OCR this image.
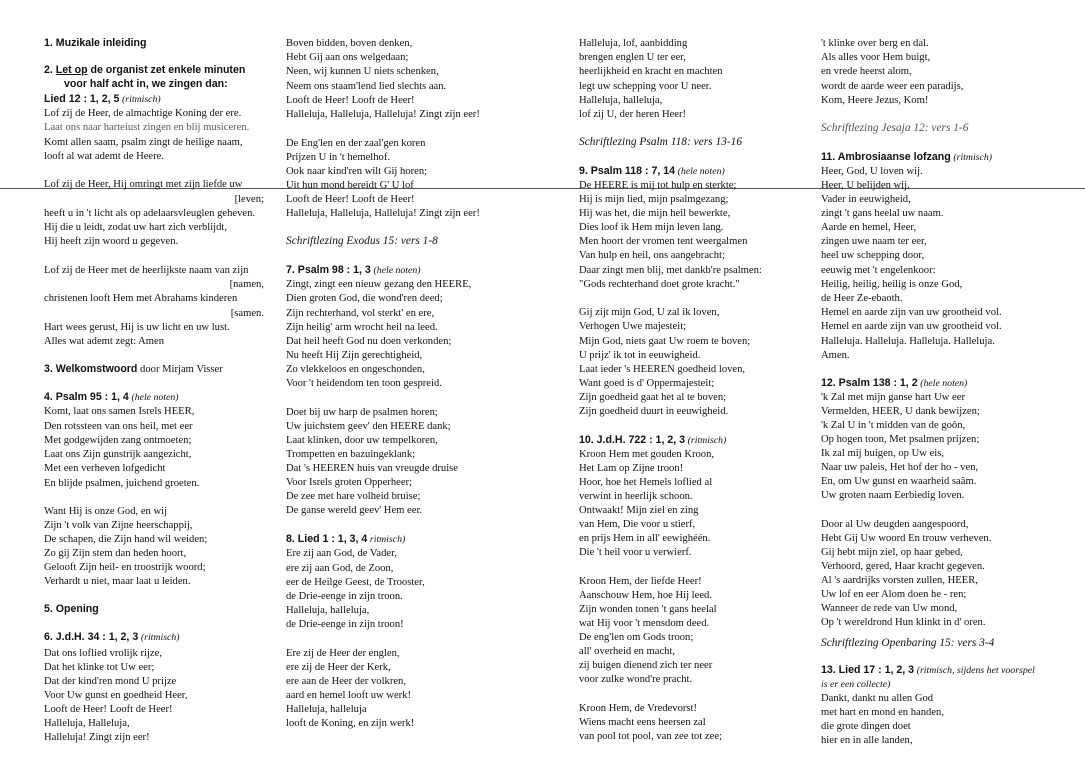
1. Muzikale inleiding
2. Let op de organist zet enkele minuten
voor half acht in, we zingen dan:
Lied 12 : 1, 2, 5 (ritmisch)
Lof zij de Heer, de almachtige Koning der ere.
Laat ons naar harteiust zingen en blij musiceren.
Komt allen saam, psalm zingt de heilige naam,
looft al wat ademt de Heere.
Lof zij de Heer, Hij omringt met zijn liefde uw
[leven;
heeft u in 't licht als op adelaarsvleuglen geheven.
Hij die u leidt, zodat uw hart zich verblijdt,
Hij heeft zijn woord u gegeven.
Lof zij de Heer met de heerlijkste naam van zijn
[namen,
christenen looft Hem met Abrahams kinderen
[samen.
Hart wees gerust, Hij is uw licht en uw lust.
Alles wat ademt zegt: Amen
3. Welkomstwoord door Mirjam Visser
4. Psalm 95 : 1, 4 (hele noten)
Komt, laat ons samen Isrels HEER,
Den rotssteen van ons heil, met eer
Met godgewijden zang ontmoeten;
Laat ons Zijn gunstrijk aangezicht,
Met een verheven lofgedicht
En blijde psalmen, juichend groeten.
Want Hij is onze God, en wij
Zijn 't volk van Zijne heerschappij,
De schapen, die Zijn hand wil weiden;
Zo gij Zijn stem dan heden hoort,
Gelooft Zijn heil- en troostrijk woord;
Verhardt u niet, maar laat u leiden.
5. Opening
6. J.d.H. 34 : 1, 2, 3 (ritmisch)
Dat ons loflied vrolijk rijze,
Dat het klinke tot Uw eer;
Dat der kind'ren mond U prijze
Voor Uw gunst en goedheid Heer,
Looft de Heer! Looft de Heer!
Halleluja, Halleluja,
Halleluja! Zingt zijn eer!
Boven bidden, boven denken,
Hebt Gij aan ons welgedaan;
Neen, wij kunnen U niets schenken,
Neem ons staam'lend lied slechts aan.
Looft de Heer! Looft de Heer!
Halleluja, Halleluja, Halleluja! Zingt zijn eer!
De Eng'len en der zaal'gen koren
Prijzen U in 't hemelhof.
Ook naar kind'ren wilt Gij horen;
Uit hun mond bereidt G' U lof
Looft de Heer! Looft de Heer!
Halleluja, Halleluja, Halleluja! Zingt zijn eer!
Schriftlezing Exodus 15: vers 1-8
7. Psalm 98 : 1, 3 (hele noten)
Zingt, zingt een nieuw gezang den HEERE,
Dien groten God, die wond'ren deed;
Zijn rechterhand, vol sterkt' en ere,
Zijn heilig' arm wrocht heil na leed.
Dat heil heeft God nu doen verkonden;
Nu heeft Hij Zijn gerechtigheid,
Zo vlekkeloos en ongeschonden,
Voor 't heidendom ten toon gespreid.
Doet bij uw harp de psalmen horen;
Uw juichstem geev' den HEERE dank;
Laat klinken, door uw tempelkoren,
Trompetten en bazuingeklank;
Dat 's HEEREN huis van vreugde druise
Voor Isrels groten Opperheer;
De zee met hare volheid bruise;
De ganse wereld geev' Hem eer.
8. Lied 1 : 1, 3, 4 ritmisch)
Ere zij aan God, de Vader,
ere zij aan God, de Zoon,
eer de Heilge Geest, de Trooster,
de Drie-eenge in zijn troon.
Halleluja, halleluja,
de Drie-eenge in zijn troon!
Ere zij de Heer der englen,
ere zij de Heer der Kerk,
ere aan de Heer der volkren,
aard en hemel looft uw werk!
Halleluja, halleluja
looft de Koning, en zijn werk!
Halleluja, lof, aanbidding
brengen englen U ter eer,
heerlijkheid en kracht en machten
legt uw schepping voor U neer.
Halleluja, halleluja,
lof zij U, der heren Heer!
Schriftlezing Psalm 118: vers 13-16
9. Psalm 118 : 7, 14 (hele noten)
De HEERE is mij tot hulp en sterkte;
Hij is mijn lied, mijn psalmgezang;
Hij was het, die mijn heil bewerkte,
Dies loof ik Hem mijn leven lang.
Men hoort der vromen tent weergalmen
Van hulp en heil, ons aangebracht;
Daar zingt men blij, met dankb're psalmen:
"Gods rechterhand doet grote kracht."
Gij zijt mijn God, U zal ik loven,
Verhogen Uwe majesteit;
Mijn God, niets gaat Uw roem te boven;
U prijz' ik tot in eeuwigheid.
Laat ieder 's HEEREN goedheid loven,
Want goed is d' Oppermajesteit;
Zijn goedheid gaat het al te boven;
Zijn goedheid duurt in eeuwigheid.
10. J.d.H. 722 : 1, 2, 3 (ritmisch)
Kroon Hem met gouden Kroon,
Het Lam op Zijne troon!
Hoor, hoe het Hemels loflied al
verwint in heerlijk schoon.
Ontwaakt! Mijn ziel en zing
van Hem, Die voor u stierf,
en prijs Hem in all' eewighéén.
Die 't heil voor u verwierf.
Kroon Hem, der liefde Heer!
Aanschouw Hem, hoe Hij leed.
Zijn wonden tonen 't gans heelal
wat Hij voor 't mensdom deed.
De eng'len om Gods troon;
all' overheid en macht,
zij buigen dienend zich ter neer
voor zulke wond're pracht.
Kroon Hem, de Vredevorst!
Wiens macht eens heersen zal
van pool tot pool, van zee tot zee;
't klinke over berg en dal.
Als alles voor Hem buigt,
en vrede heerst alom,
wordt de aarde weer een paradijs,
Kom, Heere Jezus, Kom!
Schriftlezing Jesaja 12: vers 1-6
11. Ambrosiaanse lofzang (ritmisch)
Heer, God, U loven wij.
Heer, U belijden wij.
Vader in eeuwigheid,
zingt 't gans heelal uw naam.
Aarde en hemel, Heer,
zingen uwe naam ter eer,
heel uw schepping door,
eeuwig met 't engelenkoor:
Heilig, heilig, heilig is onze God,
de Heer Ze-ebaoth.
Hemel en aarde zijn van uw grootheid vol.
Hemel en aarde zijn van uw grootheid vol.
Halleluja. Halleluja. Halleluja. Halleluja.
Amen.
12. Psalm 138 : 1, 2 (hele noten)
'k Zal met mijn ganse hart Uw eer
Vermelden, HEER, U dank bewijzen;
'k Zal U in 't midden van de goôn,
Op hogen toon, Met psalmen prijzen;
Ik zal mij buigen, op Uw eis,
Naar uw paleis, Het hof der ho - ven,
En, om Uw gunst en waarheid saâm.
Uw groten naam Eerbiedig loven.
Door al Uw deugden aangespoord,
Hebt Gij Uw woord En trouw verheven.
Gij hebt mijn ziel, op haar gebed,
Verhoord, gered, Haar kracht gegeven.
Al 's aardrijks vorsten zullen, HEER,
Uw lof en eer Alom doen he - ren;
Wanneer de rede van Uw mond,
Op 't wereldrond Hun klinkt in d' oren.
Schriftlezing Openbaring 15: vers 3-4
13. Lied 17 : 1, 2, 3 (ritmisch, sijdens het voorspel
is er een collecte)
Dankt, dankt nu allen God
met hart en mond en handen,
die grote dingen doet
hier en in alle landen,
